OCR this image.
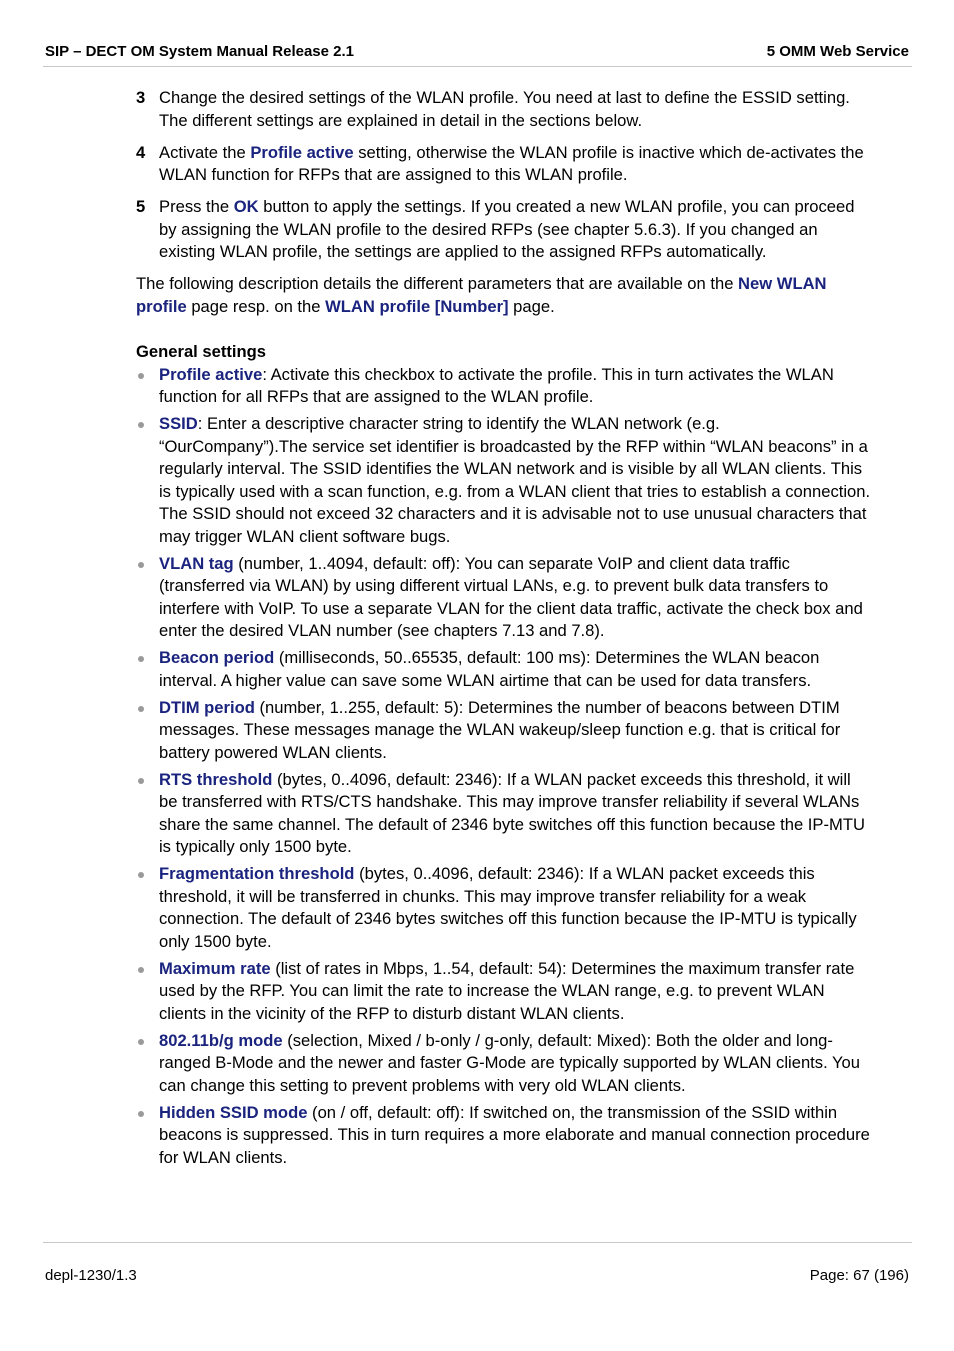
SIP – DECT OM System Manual Release 2.1	5 OMM Web Service
3 Change the desired settings of the WLAN profile. You need at last to define the ESSID setting. The different settings are explained in detail in the sections below.
4 Activate the Profile active setting, otherwise the WLAN profile is inactive which de-activates the WLAN function for RFPs that are assigned to this WLAN profile.
5 Press the OK button to apply the settings. If you created a new WLAN profile, you can proceed by assigning the WLAN profile to the desired RFPs (see chapter 5.6.3). If you changed an existing WLAN profile, the settings are applied to the assigned RFPs automatically.
The following description details the different parameters that are available on the New WLAN profile page resp. on the WLAN profile [Number] page.
General settings
Profile active: Activate this checkbox to activate the profile. This in turn activates the WLAN function for all RFPs that are assigned to the WLAN profile.
SSID: Enter a descriptive character string to identify the WLAN network (e.g. “OurCompany”).The service set identifier is broadcasted by the RFP within “WLAN beacons” in a regularly interval. The SSID identifies the WLAN network and is visible by all WLAN clients. This is typically used with a scan function, e.g. from a WLAN client that tries to establish a connection. The SSID should not exceed 32 characters and it is advisable not to use unusual characters that may trigger WLAN client software bugs.
VLAN tag (number, 1..4094, default: off): You can separate VoIP and client data traffic (transferred via WLAN) by using different virtual LANs, e.g. to prevent bulk data transfers to interfere with VoIP. To use a separate VLAN for the client data traffic, activate the check box and enter the desired VLAN number (see chapters 7.13 and 7.8).
Beacon period (milliseconds, 50..65535, default: 100 ms): Determines the WLAN beacon interval. A higher value can save some WLAN airtime that can be used for data transfers.
DTIM period (number, 1..255, default: 5): Determines the number of beacons between DTIM messages. These messages manage the WLAN wakeup/sleep function e.g. that is critical for battery powered WLAN clients.
RTS threshold (bytes, 0..4096, default: 2346): If a WLAN packet exceeds this threshold, it will be transferred with RTS/CTS handshake. This may improve transfer reliability if several WLANs share the same channel. The default of 2346 byte switches off this function because the IP-MTU is typically only 1500 byte.
Fragmentation threshold (bytes, 0..4096, default: 2346): If a WLAN packet exceeds this threshold, it will be transferred in chunks. This may improve transfer reliability for a weak connection. The default of 2346 bytes switches off this function because the IP-MTU is typically only 1500 byte.
Maximum rate (list of rates in Mbps, 1..54, default: 54): Determines the maximum transfer rate used by the RFP. You can limit the rate to increase the WLAN range, e.g. to prevent WLAN clients in the vicinity of the RFP to disturb distant WLAN clients.
802.11b/g mode (selection, Mixed / b-only / g-only, default: Mixed): Both the older and long-ranged B-Mode and the newer and faster G-Mode are typically supported by WLAN clients. You can change this setting to prevent problems with very old WLAN clients.
Hidden SSID mode (on / off, default: off): If switched on, the transmission of the SSID within beacons is suppressed. This in turn requires a more elaborate and manual connection procedure for WLAN clients.
depl-1230/1.3	Page: 67 (196)
